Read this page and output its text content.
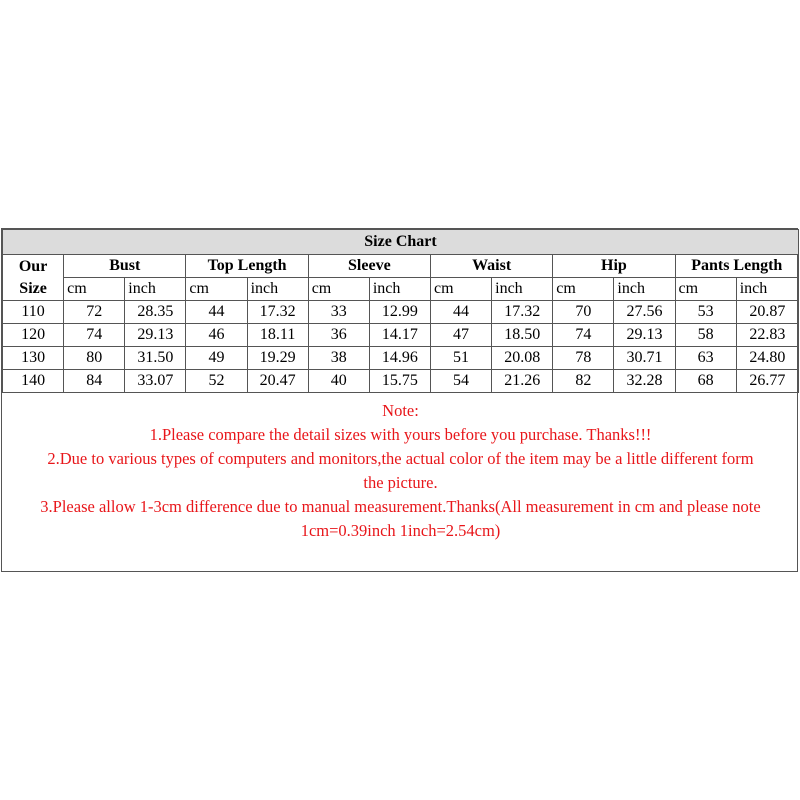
Size Chart												

Our
Size	Bust		Top Length		Sleeve		Waist		Hip		Pants Length	
	cm	inch	cm	inch	cm	inch	cm	inch	cm	inch	cm	inch
110	72	28.35	44	17.32	33	12.99	44	17.32	70	27.56	53	20.87
120	74	29.13	46	18.11	36	14.17	47	18.50	74	29.13	58	22.83
130	80	31.50	49	19.29	38	14.96	51	20.08	78	30.71	63	24.80
140	84	33.07	52	20.47	40	15.75	54	21.26	82	32.28	68	26.77
Note:
1.Please compare the detail sizes with yours before you purchase. Thanks!!!
2.Due to various types of computers and monitors,the actual color of the item may be a little different form
the picture.
3.Please allow 1-3cm difference due to manual measurement.Thanks(All measurement in cm and please note
1cm=0.39inch 1inch=2.54cm)
